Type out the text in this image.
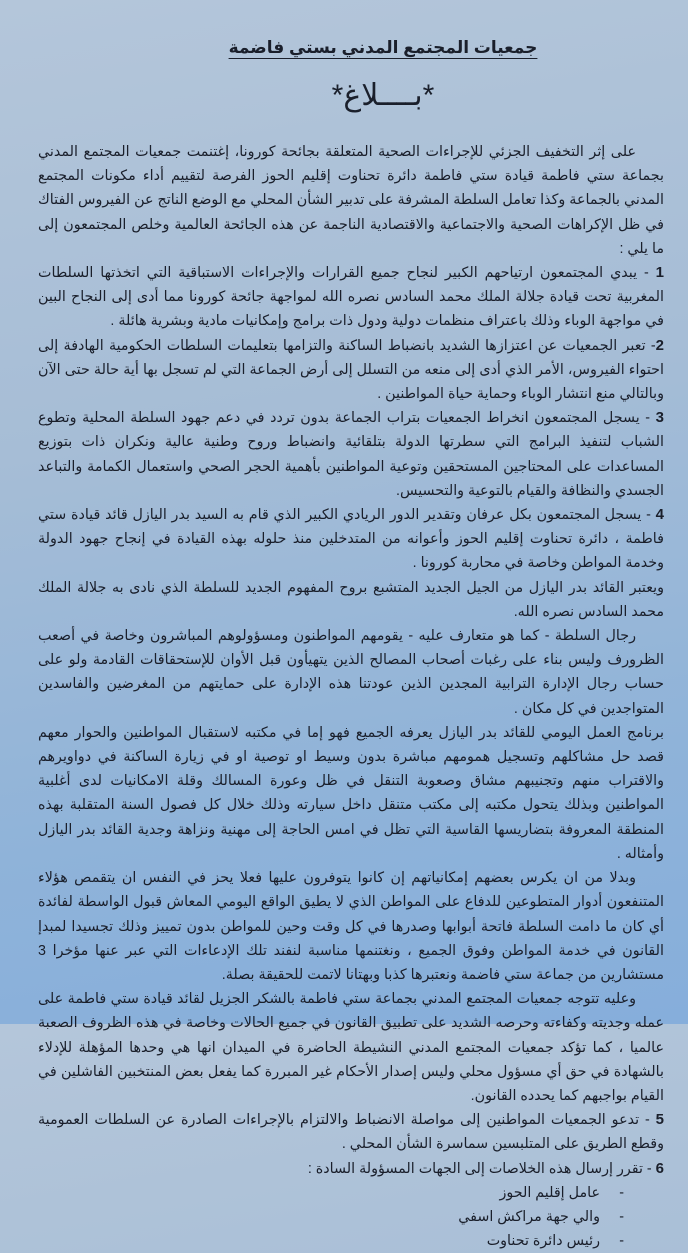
جمعيات المجتمع المدني بستي فاضمة
*بــــلاغ*

على إثر التخفيف الجزئي للإجراءات الصحية المتعلقة بجائحة كورونا، إغتنمت جمعيات المجتمع المدني بجماعة ستي فاطمة قيادة ستي فاطمة دائرة تحناوت إقليم الحوز الفرصة لتقييم أداء مكونات المجتمع المدني بالجماعة وكذا تعامل السلطة المشرفة على تدبير الشأن المحلي مع الوضع الناتج عن الفيروس الفتاك في ظل الإكراهات الصحية والاجتماعية والاقتصادية الناجمة عن هذه الجائحة العالمية وخلص المجتمعون إلى ما يلي :

1 - يبدي المجتمعون ارتياحهم الكبير لنجاح جميع القرارات والإجراءات الاستباقية التي اتخذتها السلطات المغربية تحت قيادة جلالة الملك محمد السادس نصره الله لمواجهة جائحة كورونا مما أدى إلى النجاح البين في مواجهة الوباء وذلك باعتراف منظمات دولية ودول ذات برامج وإمكانيات مادية وبشرية هائلة .

2- تعبر الجمعيات عن اعتزازها الشديد بانضباط الساكنة والتزامها بتعليمات السلطات الحكومية الهادفة إلى احتواء الفيروس، الأمر الذي أدى إلى منعه من التسلل إلى أرض الجماعة التي لم تسجل بها أية حالة حتى الآن وبالتالي منع انتشار الوباء وحماية حياة المواطنين .

3 - يسجل المجتمعون انخراط الجمعيات بتراب الجماعة بدون تردد في دعم جهود السلطة المحلية وتطوع الشباب لتنفيذ البرامج التي سطرتها الدولة بتلقائية وانضباط وروح وطنية عالية ونكران ذات بتوزيع المساعدات على المحتاجين المستحقين وتوعية المواطنين بأهمية الحجر الصحي واستعمال الكمامة والتباعد الجسدي والنظافة والقيام بالتوعية والتحسيس.

4 - يسجل المجتمعون بكل عرفان وتقدير الدور الريادي الكبير الذي قام به السيد بدر اليازل قائد قيادة ستي فاطمة ، دائرة تحناوت إقليم الحوز وأعوانه من المتدخلين منذ حلوله بهذه القيادة في إنجاح جهود الدولة وخدمة المواطن وخاصة في محاربة كورونا .

ويعتبر القائد بدر اليازل من الجيل الجديد المتشبع بروح المفهوم الجديد للسلطة الذي نادى به جلالة الملك محمد السادس نصره الله.

رجال السلطة - كما هو متعارف عليه - يقومهم المواطنون ومسؤولوهم المباشرون وخاصة في أصعب الظرورف وليس بناء على رغبات أصحاب المصالح الذين يتهيأون قبل الأوان للإستحقاقات القادمة ولو على حساب رجال الإدارة الترابية المجدين الذين عودتنا هذه الإدارة على حمايتهم من المغرضين والفاسدين المتواجدين في كل مكان .

برنامج العمل اليومي للقائد بدر اليازل يعرفه الجميع فهو إما في مكتبه لاستقبال المواطنين والحوار معهم قصد حل مشاكلهم وتسجيل همومهم مباشرة بدون وسيط او توصية او في زيارة الساكنة في دواويرهم والاقتراب منهم وتجنيبهم مشاق وصعوبة التنقل في ظل وعورة المسالك وقلة الامكانيات لدى أغلبية المواطنين وبذلك يتحول مكتبه إلى مكتب متنقل داخل سيارته وذلك خلال كل فصول السنة المتقلبة بهذه المنطقة المعروفة بتضاريسها القاسية التي تظل في امس الحاجة إلى مهنية ونزاهة وجدية القائد بدر اليازل وأمثاله .

وبدلا من ان يكرس بعضهم إمكانياتهم إن كانوا يتوفرون عليها فعلا يحز في النفس ان يتقمص هؤلاء المتنفعون أدوار المتطوعين للدفاع على المواطن الذي لا يطيق الواقع اليومي المعاش قبول الواسطة لفائدة أي كان ما دامت السلطة فاتحة أبوابها وصدرها في كل وقت وحين للمواطن بدون تمييز وذلك تجسيدا لمبدإ القانون في خدمة المواطن وفوق الجميع ، ونغتنمها مناسبة لنفند تلك الإدعاءات التي عبر عنها مؤخرا 3 مستشارين من جماعة ستي فاضمة ونعتبرها كذبا وبهتانا لاتمت للحقيقة بصلة.

وعليه تتوجه جمعيات المجتمع المدني بجماعة ستي فاطمة بالشكر الجزيل لقائد قيادة ستي فاطمة على عمله وجديته وكفاءته وحرصه الشديد على تطبيق القانون في جميع الحالات وخاصة في هذه الظروف الصعبة عالميا ، كما تؤكد جمعيات المجتمع المدني النشيطة الحاضرة في الميدان انها هي وحدها المؤهلة للإدلاء بالشهادة في حق أي مسؤول محلي وليس إصدار الأحكام غير المبررة كما يفعل بعض المنتخبين الفاشلين في القيام بواجبهم كما يحدده القانون.

5 - تدعو الجمعيات المواطنين إلى مواصلة الانضباط والالتزام بالإجراءات الصادرة عن السلطات العمومية وقطع الطريق على المتلبسين سماسرة الشأن المحلي .

6 - تقرر إرسال هذه الخلاصات إلى الجهات المسؤولة السادة :

- عامل إقليم الحوز
- والي جهة مراكش اسفي
- رئيس دائرة تحناوت
